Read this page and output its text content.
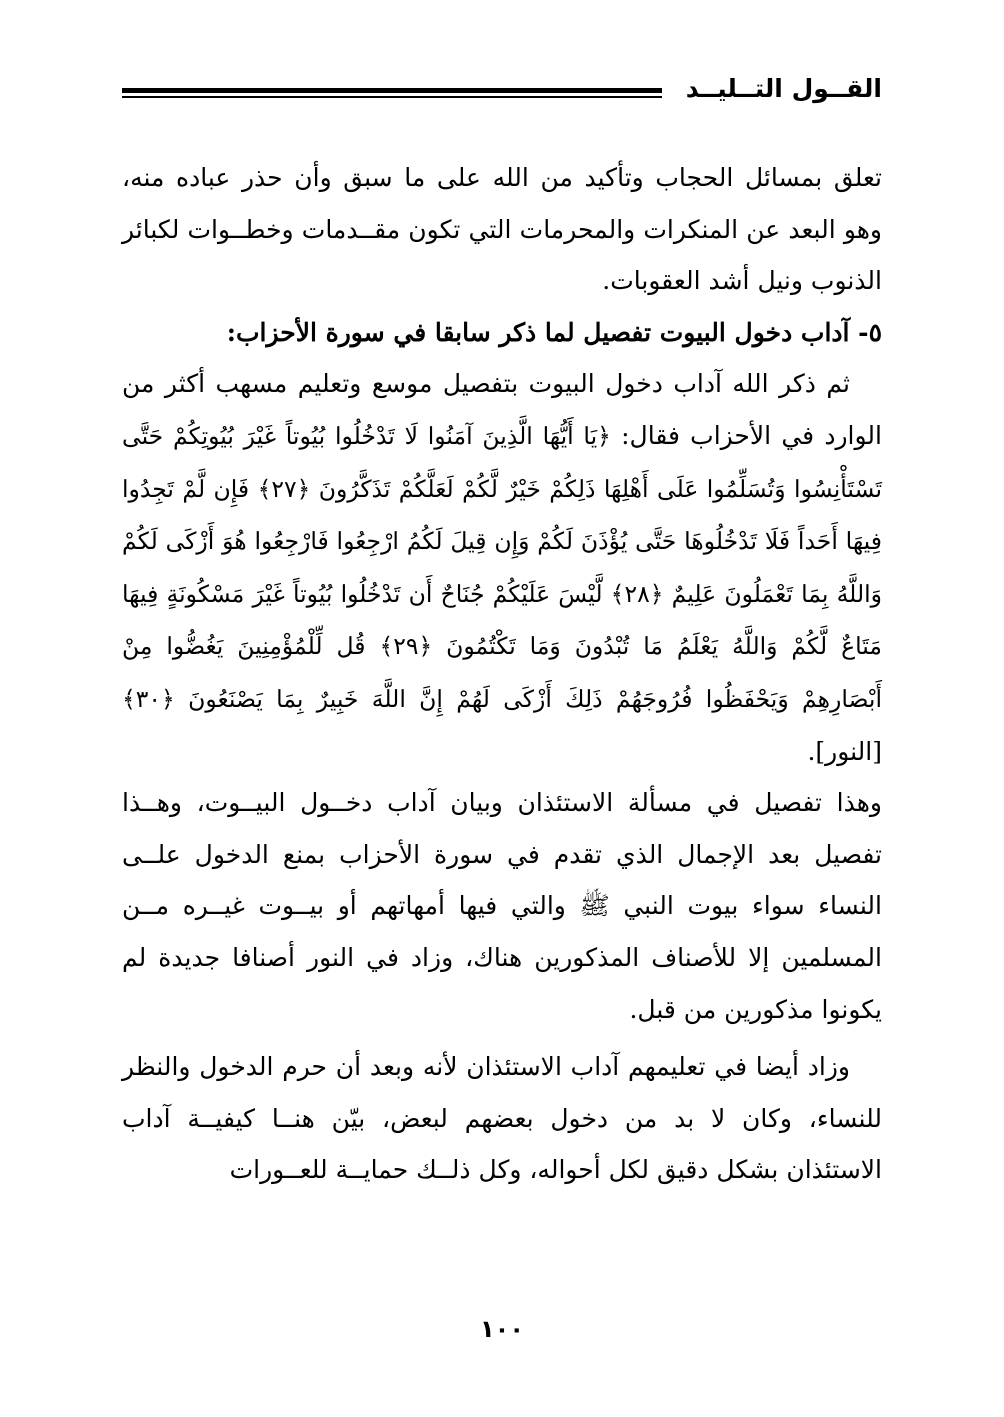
القــول التــليــد

تعلق بمسائل الحجاب وتأكيد من الله على ما سبق وأن حذر عباده منه، وهو البعد عن المنكرات والمحرمات التي تكون مقــدمات وخطــوات لكبائر الذنوب ونيل أشد العقوبات.

٥- آداب دخول البيوت تفصيل لما ذكر سابقا في سورة الأحزاب:

ثم ذكر الله آداب دخول البيوت بتفصيل موسع وتعليم مسهب أكثر من الوارد في الأحزاب فقال: ﴿يَا أَيُّهَا الَّذِينَ آمَنُوا لَا تَدْخُلُوا بُيُوتاً غَيْرَ بُيُوتِكُمْ حَتَّى تَسْتَأْنِسُوا وَتُسَلِّمُوا عَلَى أَهْلِهَا ذَلِكُمْ خَيْرٌ لَّكُمْ لَعَلَّكُمْ تَذَكَّرُونَ ﴿٢٧﴾ فَإِن لَّمْ تَجِدُوا فِيهَا أَحَداً فَلَا تَدْخُلُوهَا حَتَّى يُؤْذَنَ لَكُمْ وَإِن قِيلَ لَكُمُ ارْجِعُوا فَارْجِعُوا هُوَ أَزْكَى لَكُمْ وَاللَّهُ بِمَا تَعْمَلُونَ عَلِيمٌ ﴿٢٨﴾ لَّيْسَ عَلَيْكُمْ جُنَاحٌ أَن تَدْخُلُوا بُيُوتاً غَيْرَ مَسْكُونَةٍ فِيهَا مَتَاعٌ لَّكُمْ وَاللَّهُ يَعْلَمُ مَا تُبْدُونَ وَمَا تَكْتُمُونَ ﴿٢٩﴾ قُل لِّلْمُؤْمِنِينَ يَغُضُّوا مِنْ أَبْصَارِهِمْ وَيَحْفَظُوا فُرُوجَهُمْ ذَلِكَ أَزْكَى لَهُمْ إِنَّ اللَّهَ خَبِيرٌ بِمَا يَصْنَعُونَ ﴿٣٠﴾ [النور].

وهذا تفصيل في مسألة الاستئذان وبيان آداب دخــول البيــوت، وهــذا تفصيل بعد الإجمال الذي تقدم في سورة الأحزاب بمنع الدخول علــى النساء سواء بيوت النبي ﷺ والتي فيها أمهاتهم أو بيــوت غيــره مــن المسلمين إلا للأصناف المذكورين هناك، وزاد في النور أصنافا جديدة لم يكونوا مذكورين من قبل.

وزاد أيضا في تعليمهم آداب الاستئذان لأنه وبعد أن حرم الدخول والنظر للنساء، وكان لا بد من دخول بعضهم لبعض، بيّن هنــا كيفيــة آداب الاستئذان بشكل دقيق لكل أحواله، وكل ذلــك حمايــة للعــورات

١٠٠
